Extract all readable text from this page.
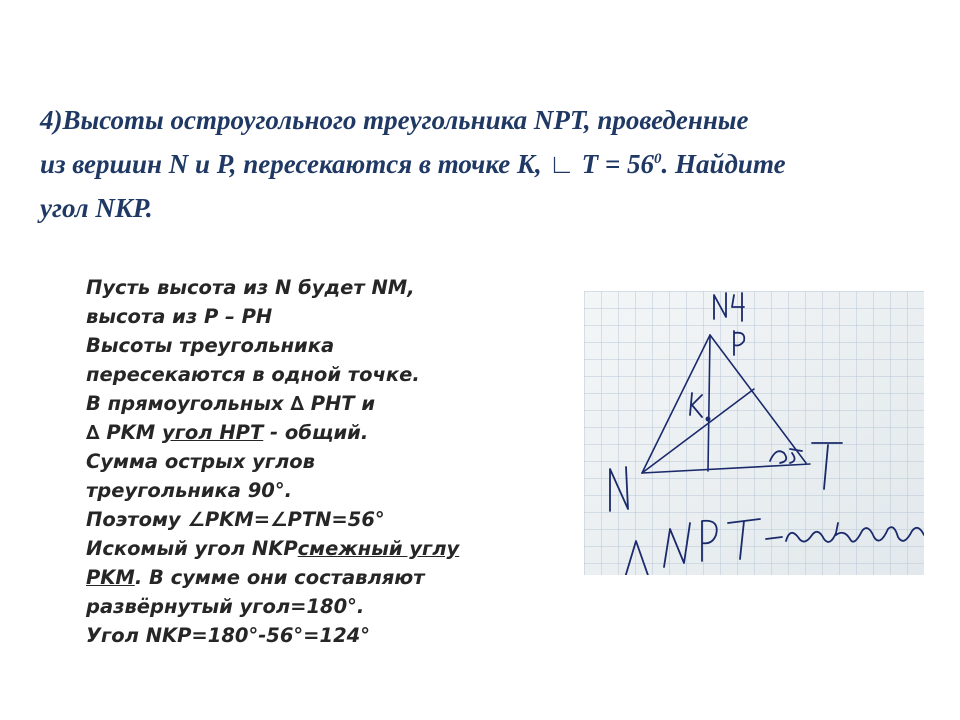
4)Высоты остроугольного треугольника NPT, проведенные
из вершин N и P, пересекаются в точке K, ∟ $T = 56^0$. Найдите
угол NKP.
Пусть высота из N будет NM,
высота из Р – РН
Высоты треугольника
пересекаются в одной точке.
В прямоугольных ∆ PHT и
∆ PKM угол HPT - общий.
Сумма острых углов
треугольника 90°.
Поэтому ∠PKM=∠PTN=56°
Искомый угол NKPсмежный углу
PKM. В сумме они составляют
развёрнутый угол=180°.
Угол NKP=180°-56°=124°
